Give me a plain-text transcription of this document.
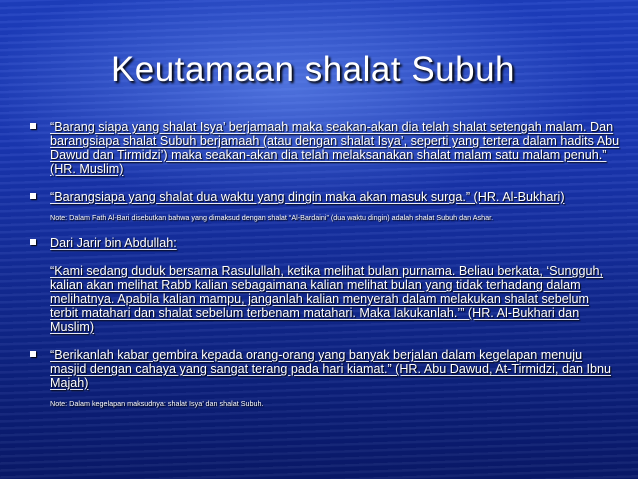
Keutamaan shalat Subuh
“Barang siapa yang shalat Isya’ berjamaah maka seakan-akan dia telah shalat setengah malam. Dan barangsiapa shalat Subuh berjamaah (atau dengan shalat Isya’, seperti yang tertera dalam hadits Abu Dawud dan Tirmidzi’) maka seakan-akan dia telah melaksanakan shalat malam satu malam penuh.” (HR. Muslim)
“Barangsiapa yang shalat dua waktu yang dingin maka akan masuk surga.” (HR. Al-Bukhari)
Note: Dalam Fath Al-Bari disebutkan bahwa yang dimaksud dengan shalat “Al-Bardaini” (dua waktu dingin) adalah shalat Subuh dan Ashar.
Dari Jarir bin Abdullah:
“Kami sedang duduk bersama Rasulullah, ketika melihat bulan purnama. Beliau berkata, ‘Sungguh, kalian akan melihat Rabb kalian sebagaimana kalian melihat bulan yang tidak terhadang dalam melihatnya. Apabila kalian mampu, janganlah kalian menyerah dalam melakukan shalat sebelum terbit matahari dan shalat sebelum terbenam matahari. Maka lakukanlah.’” (HR. Al-Bukhari dan Muslim)
“Berikanlah kabar gembira kepada orang-orang yang banyak berjalan dalam kegelapan menuju masjid dengan cahaya yang sangat terang pada hari kiamat.” (HR. Abu Dawud, At-Tirmidzi, dan Ibnu Majah)
Note: Dalam kegelapan maksudnya: shalat Isya’ dan shalat Subuh.
